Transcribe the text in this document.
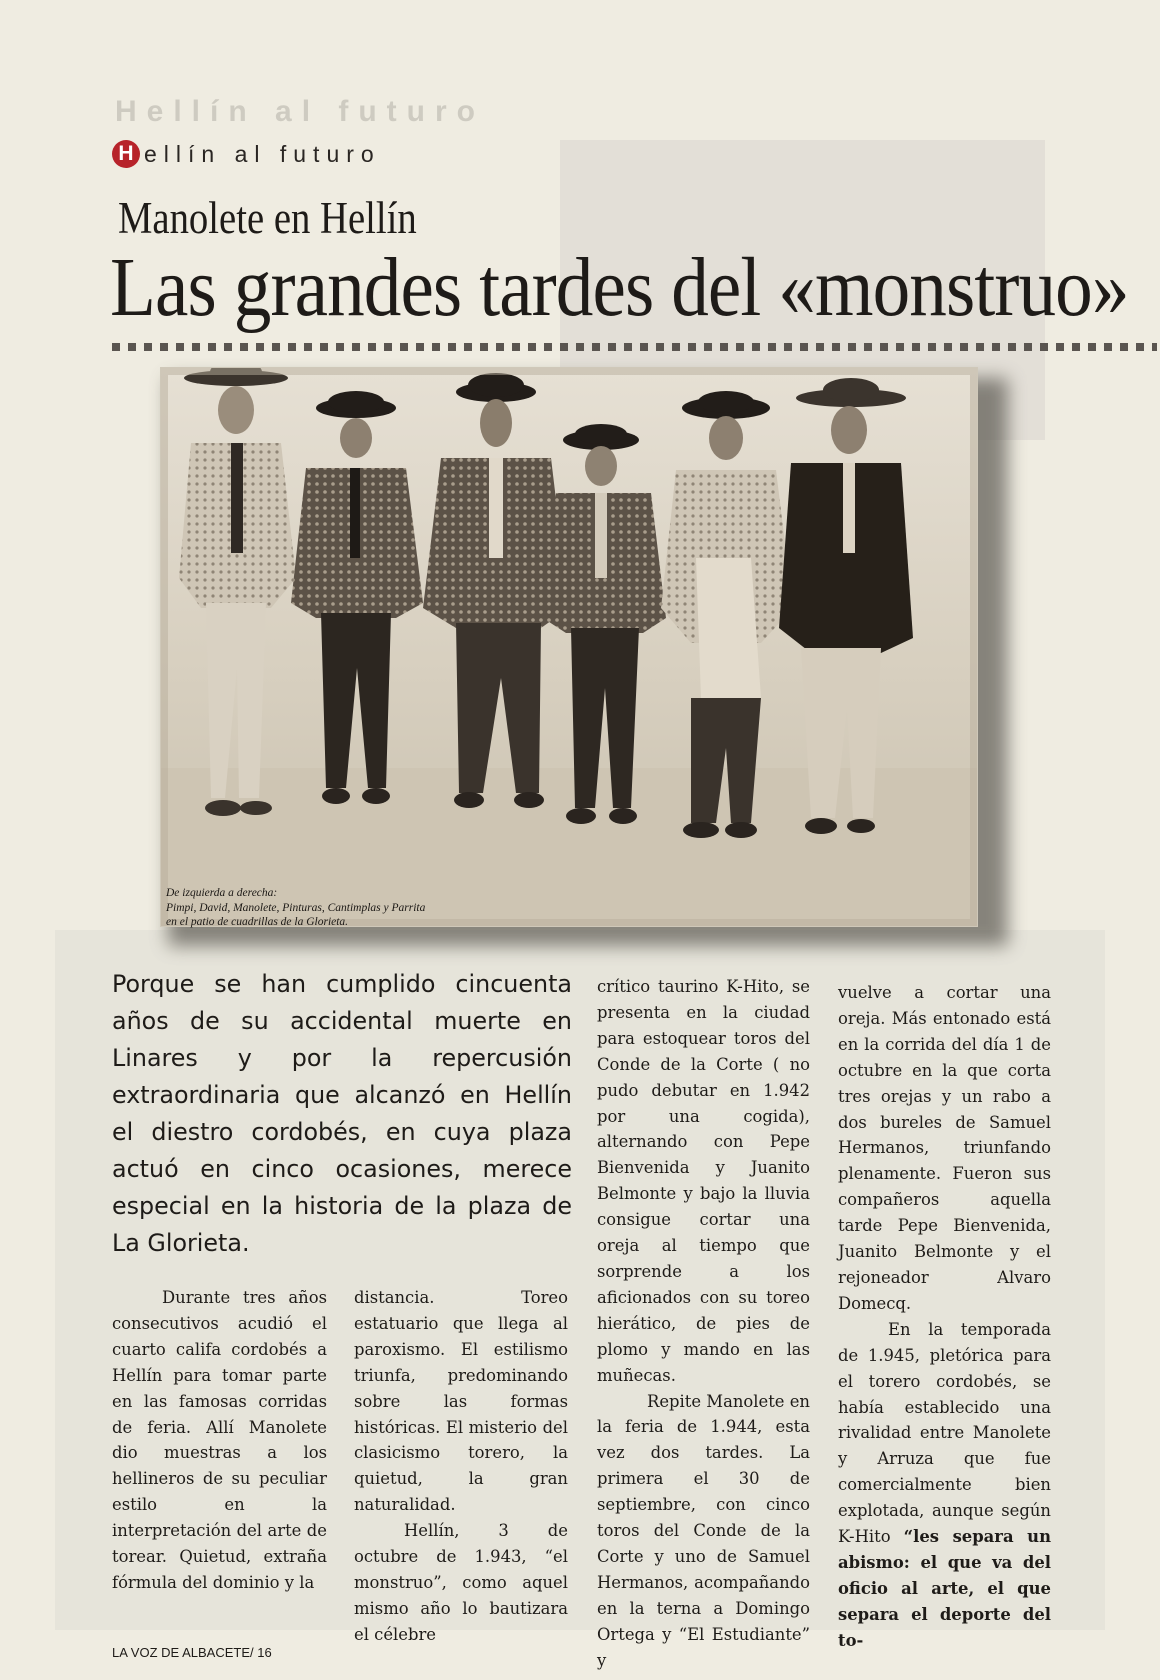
Hellín al futuro
H ellín al futuro
Manolete en Hellín
Las grandes tardes del «monstruo»
De izquierda a derecha:
Pimpi, David, Manolete, Pinturas, Cantimplas y Parrita
en el patio de cuadrillas de la Glorieta.
Porque se han cumplido cincuenta años de su accidental muerte en Linares y por la repercusión extraordinaria que alcanzó en Hellín el diestro cordobés, en cuya plaza actuó en cinco ocasiones, merece especial en la historia de la plaza de La Glorieta.

Durante tres años consecutivos acudió el cuarto califa cordobés a Hellín para tomar parte en las famosas corridas de feria. Allí Manolete dio muestras a los hellineros de su peculiar estilo en la interpretación del arte de torear. Quietud, extraña fórmula del dominio y la

distancia. Toreo estatuario que llega al paroxismo. El estilismo triunfa, predominando sobre las formas históricas. El misterio del clasicismo torero, la quietud, la gran naturalidad.

Hellín, 3 de octubre de 1.943, “el monstruo”, como aquel mismo año lo bautizara el célebre

crítico taurino K-Hito, se presenta en la ciudad para estoquear toros del Conde de la Corte ( no pudo debutar en 1.942 por una cogida), alternando con Pepe Bienvenida y Juanito Belmonte y bajo la lluvia consigue cortar una oreja al tiempo que sorprende a los aficionados con su toreo hierático, de pies de plomo y mando en las muñecas.

Repite Manolete en la feria de 1.944, esta vez dos tardes. La primera el 30 de septiembre, con cinco toros del Conde de la Corte y uno de Samuel Hermanos, acompañando en la terna a Domingo Ortega y “El Estudiante” y

vuelve a cortar una oreja. Más entonado está en la corrida del día 1 de octubre en la que corta tres orejas y un rabo a dos bureles de Samuel Hermanos, triunfando plenamente. Fueron sus compañeros aquella tarde Pepe Bienvenida, Juanito Belmonte y el rejoneador Alvaro Domecq.

En la temporada de 1.945, pletórica para el torero cordobés, se había establecido una rivalidad entre Manolete y Arruza que fue comercialmente bien explotada, aunque según K-Hito “les separa un abismo: el que va del oficio al arte, el que separa el deporte del to-

LA VOZ DE ALBACETE/ 16
